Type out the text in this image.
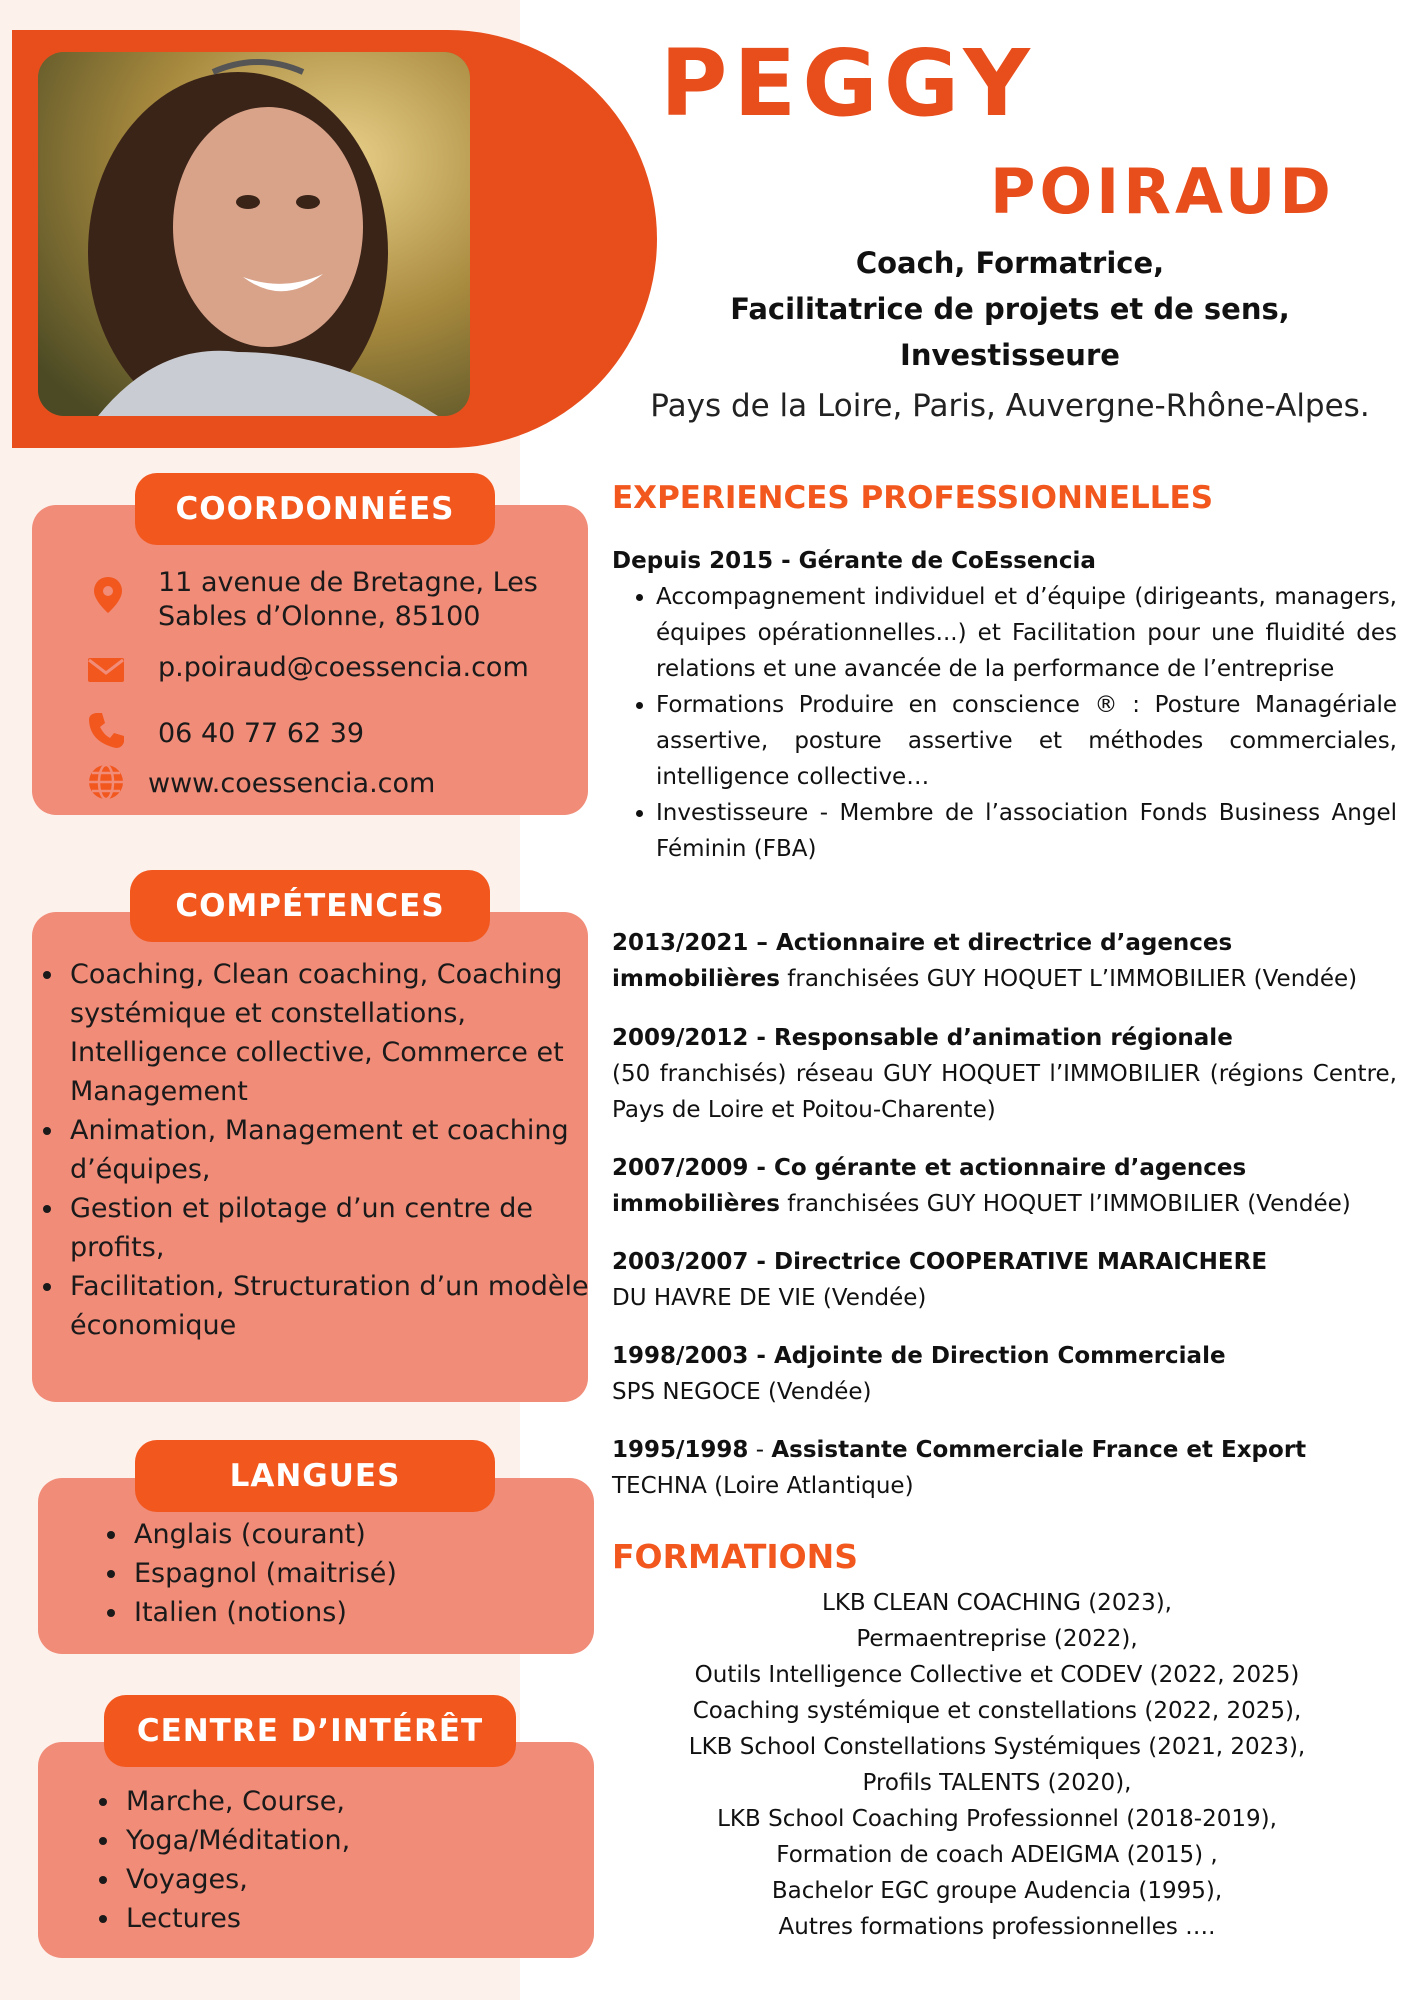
PEGGY
POIRAUD
Coach, Formatrice,
Facilitatrice de projets et de sens,
Investisseure
Pays de la Loire, Paris, Auvergne-Rhône-Alpes.
COORDONNÉES
11 avenue de Bretagne, Les
Sables d’Olonne, 85100
p.poiraud@coessencia.com
06 40 77 62 39
www.coessencia.com
COMPÉTENCES
• Coaching, Clean coaching, Coaching systémique et constellations, Intelligence collective, Commerce et Management
• Animation, Management et coaching d’équipes,
• Gestion et pilotage d’un centre de profits,
• Facilitation, Structuration d’un modèle économique
LANGUES
• Anglais (courant)
• Espagnol (maitrisé)
• Italien (notions)
CENTRE D’INTÉRÊT
• Marche, Course,
• Yoga/Méditation,
• Voyages,
• Lectures
EXPERIENCES PROFESSIONNELLES
Depuis 2015 - Gérante de CoEssencia
• Accompagnement individuel et d’équipe (dirigeants, managers, équipes opérationnelles...) et Facilitation pour une fluidité des relations et une avancée de la performance de l’entreprise
• Formations Produire en conscience ® : Posture Managériale assertive, posture assertive et méthodes commerciales, intelligence collective…
• Investisseure - Membre de l’association Fonds Business Angel Féminin (FBA)
2013/2021 – Actionnaire et directrice d’agences immobilières franchisées GUY HOQUET L’IMMOBILIER (Vendée)
2009/2012 - Responsable d’animation régionale
(50 franchisés) réseau GUY HOQUET l’IMMOBILIER (régions Centre, Pays de Loire et Poitou-Charente)
2007/2009 - Co gérante et actionnaire d’agences immobilières franchisées GUY HOQUET l’IMMOBILIER (Vendée)
2003/2007 - Directrice COOPERATIVE MARAICHERE
DU HAVRE DE VIE (Vendée)
1998/2003 - Adjointe de Direction Commerciale
SPS NEGOCE (Vendée)
1995/1998 - Assistante Commerciale France et Export
TECHNA (Loire Atlantique)
FORMATIONS
LKB CLEAN COACHING (2023),
Permaentreprise (2022),
Outils Intelligence Collective et CODEV (2022, 2025)
Coaching systémique et constellations (2022, 2025),
LKB School Constellations Systémiques (2021, 2023),
Profils TALENTS (2020),
LKB School Coaching Professionnel (2018-2019),
Formation de coach ADEIGMA (2015) ,
Bachelor EGC groupe Audencia (1995),
Autres formations professionnelles ….
